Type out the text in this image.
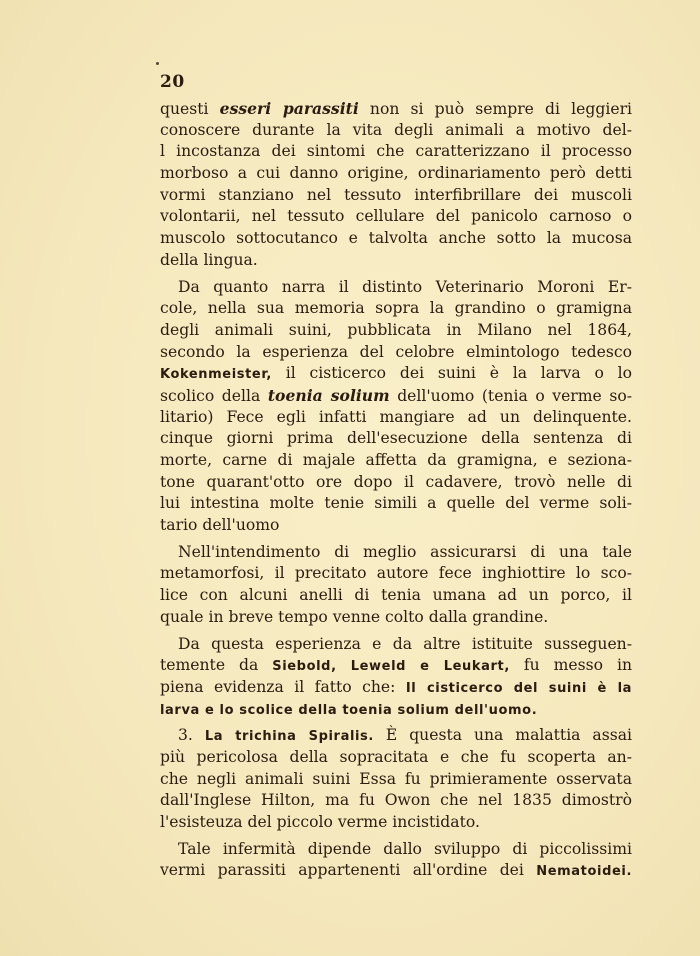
20
questi esseri parassiti non si può sempre di leggieri
conoscere durante la vita degli animali a motivo del-
l incostanza dei sintomi che caratterizzano il processo
morboso a cui danno origine, ordinariamento però detti
vormi stanziano nel tessuto interfibrillare dei muscoli
volontarii, nel tessuto cellulare del panicolo carnoso o
muscolo sottocutanco e talvolta anche sotto la mucosa
della lingua.
Da quanto narra il distinto Veterinario Moroni Er-
cole, nella sua memoria sopra la grandino o gramigna
degli animali suini, pubblicata in Milano nel 1864,
secondo la esperienza del celobre elmintologo tedesco
Kokenmeister, il cisticerco dei suini è la larva o lo
scolico della toenia solium dell'uomo (tenia o verme so-
litario) Fece egli infatti mangiare ad un delinquente.
cinque giorni prima dell'esecuzione della sentenza di
morte, carne di majale affetta da gramigna, e seziona-
tone quarant'otto ore dopo il cadavere, trovò nelle di
lui intestina molte tenie simili a quelle del verme soli-
tario dell'uomo
Nell'intendimento di meglio assicurarsi di una tale
metamorfosi, il precitato autore fece inghiottire lo sco-
lice con alcuni anelli di tenia umana ad un porco, il
quale in breve tempo venne colto dalla grandine.
Da questa esperienza e da altre istituite susseguen-
temente da Siebold, Leweld e Leukart, fu messo in
piena evidenza il fatto che: Il cisticerco del suini è la
larva e lo scolice della toenia solium dell'uomo.
3. La trichina Spiralis. È questa una malattia assai
più pericolosa della sopracitata e che fu scoperta an-
che negli animali suini Essa fu primieramente osservata
dall'Inglese Hilton, ma fu Owon che nel 1835 dimostrò
l'esisteuza del piccolo verme incistidato.
Tale infermità dipende dallo sviluppo di piccolissimi
vermi parassiti appartenenti all'ordine dei Nematoidei.
